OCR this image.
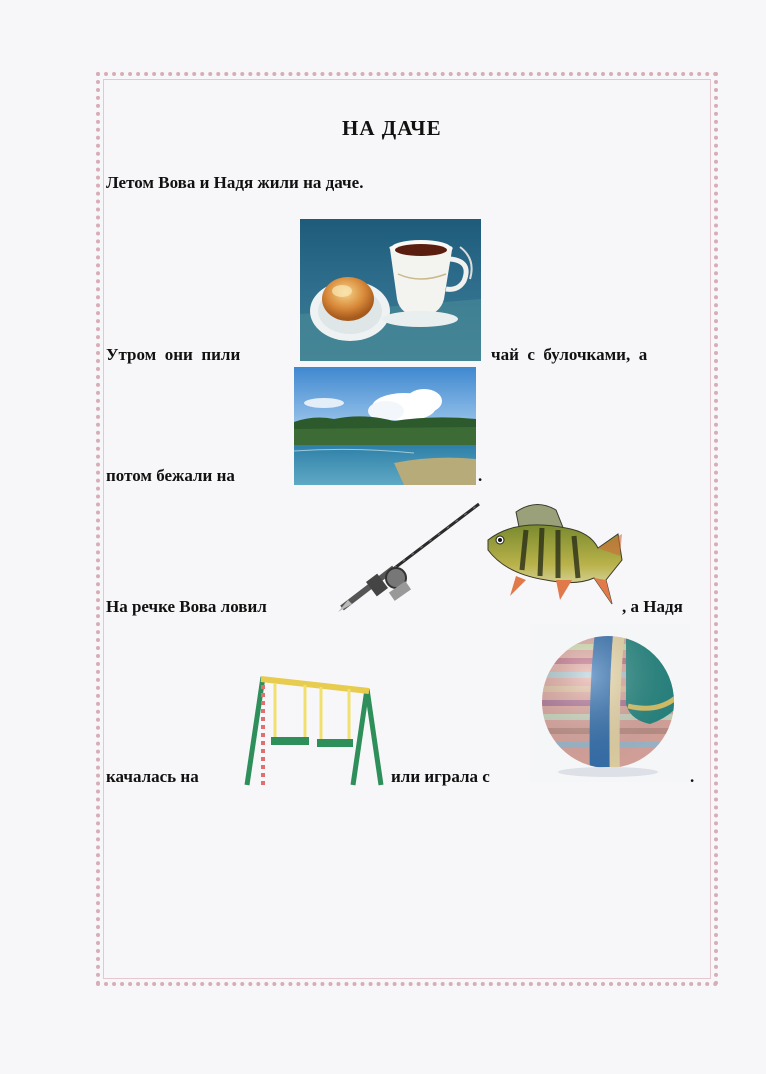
НА ДАЧЕ
Летом Вова и Надя жили на даче.
Утром  они  пили	чай  с  булочками,  а
потом бежали на	.
На речке Вова ловил	, а Надя
качалась на	или играла с	.
